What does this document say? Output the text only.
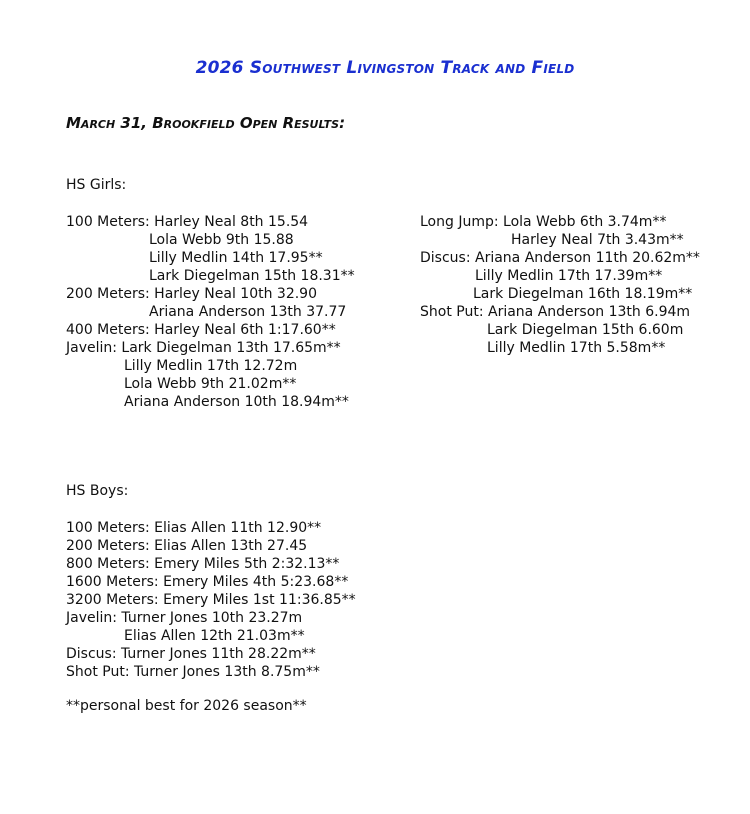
2026 Southwest Livingston Track and Field
March 31, Brookfield Open Results:
HS Girls:
100 Meters: Harley Neal 8th 15.54
Lola Webb 9th 15.88
Lilly Medlin 14th 17.95**
Lark Diegelman 15th 18.31**
200 Meters: Harley Neal 10th 32.90
Ariana Anderson 13th 37.77
400 Meters: Harley Neal 6th 1:17.60**
Javelin: Lark Diegelman 13th 17.65m**
Lilly Medlin 17th 12.72m
Lola Webb 9th 21.02m**
Ariana Anderson 10th 18.94m**
Long Jump: Lola Webb 6th 3.74m**
Harley Neal 7th 3.43m**
Discus: Ariana Anderson 11th 20.62m**
Lilly Medlin 17th 17.39m**
Lark Diegelman 16th 18.19m**
Shot Put: Ariana Anderson 13th 6.94m
Lark Diegelman 15th 6.60m
Lilly Medlin 17th 5.58m**
HS Boys:
100 Meters: Elias Allen 11th 12.90**
200 Meters: Elias Allen 13th 27.45
800 Meters: Emery Miles 5th 2:32.13**
1600 Meters: Emery Miles 4th 5:23.68**
3200 Meters: Emery Miles 1st 11:36.85**
Javelin: Turner Jones 10th 23.27m
Elias Allen 12th 21.03m**
Discus: Turner Jones 11th 28.22m**
Shot Put: Turner Jones 13th 8.75m**
**personal best for 2026 season**
